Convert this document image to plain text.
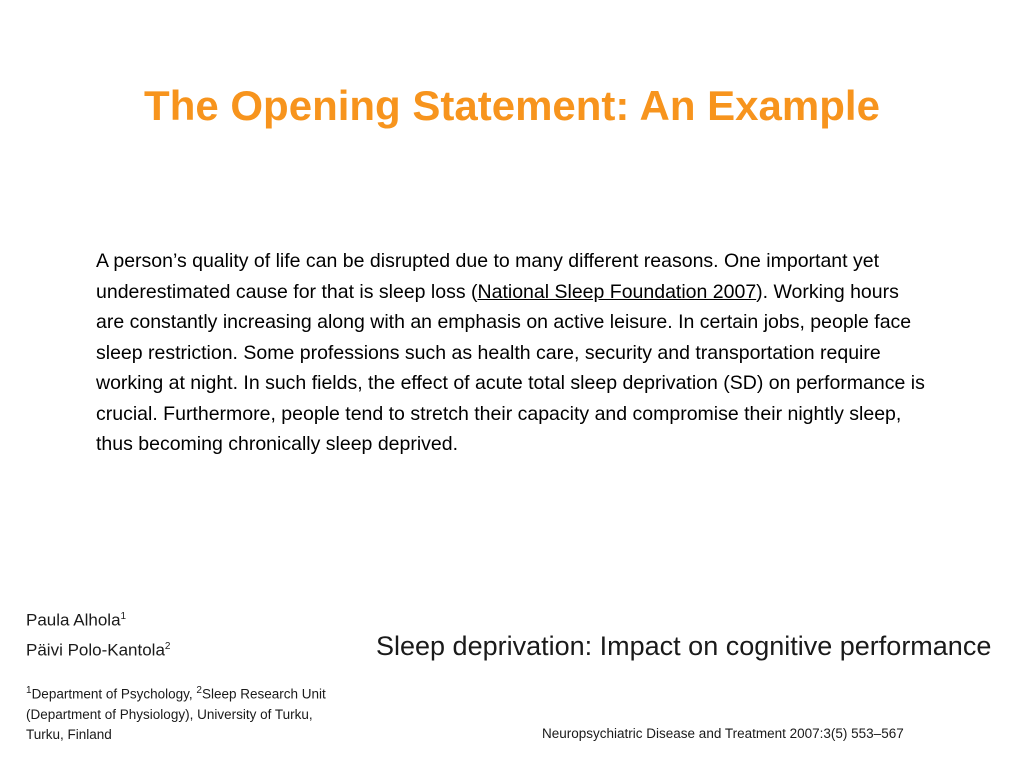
The Opening Statement: An Example
A person’s quality of life can be disrupted due to many different reasons. One important yet underestimated cause for that is sleep loss (National Sleep Foundation 2007). Working hours are constantly increasing along with an emphasis on active leisure. In certain jobs, people face sleep restriction. Some professions such as health care, security and transportation require working at night. In such fields, the effect of acute total sleep deprivation (SD) on performance is crucial. Furthermore, people tend to stretch their capacity and compromise their nightly sleep, thus becoming chronically sleep deprived.
Paula Alhola$^1$
Päivi Polo-Kantola$^2$
$^1$Department of Psychology, $^2$Sleep Research Unit (Department of Physiology), University of Turku, Turku, Finland
Sleep deprivation: Impact on cognitive performance
Neuropsychiatric Disease and Treatment 2007:3(5) 553–567
